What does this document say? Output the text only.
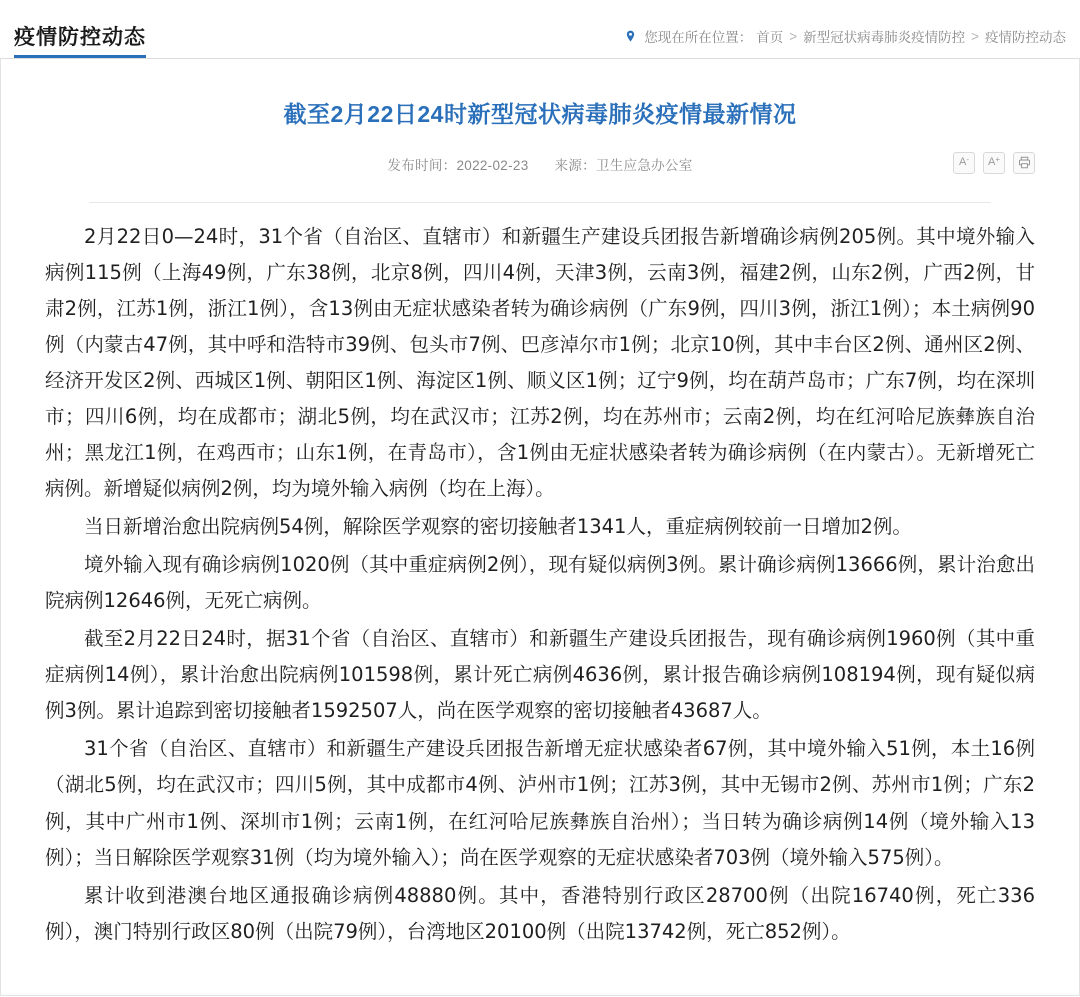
疫情防控动态	您现在所在位置： 首页 > 新型冠状病毒肺炎疫情防控 > 疫情防控动态
截至2月22日24时新型冠状病毒肺炎疫情最新情况
发布时间：2022-02-23 来源：卫生应急办公室	A- A+

2月22日0—24时，31个省（自治区、直辖市）和新疆生产建设兵团报告新增确诊病例205例。其中境外输入病例115例（上海49例，广东38例，北京8例，四川4例，天津3例，云南3例，福建2例，山东2例，广西2例，甘肃2例，江苏1例，浙江1例），含13例由无症状感染者转为确诊病例（广东9例，四川3例，浙江1例）；本土病例90例（内蒙古47例，其中呼和浩特市39例、包头市7例、巴彦淖尔市1例；北京10例，其中丰台区2例、通州区2例、经济开发区2例、西城区1例、朝阳区1例、海淀区1例、顺义区1例；辽宁9例，均在葫芦岛市；广东7例，均在深圳市；四川6例，均在成都市；湖北5例，均在武汉市；江苏2例，均在苏州市；云南2例，均在红河哈尼族彝族自治州；黑龙江1例，在鸡西市；山东1例，在青岛市），含1例由无症状感染者转为确诊病例（在内蒙古）。无新增死亡病例。新增疑似病例2例，均为境外输入病例（均在上海）。

当日新增治愈出院病例54例，解除医学观察的密切接触者1341人，重症病例较前一日增加2例。

境外输入现有确诊病例1020例（其中重症病例2例），现有疑似病例3例。累计确诊病例13666例，累计治愈出院病例12646例，无死亡病例。

截至2月22日24时，据31个省（自治区、直辖市）和新疆生产建设兵团报告，现有确诊病例1960例（其中重症病例14例），累计治愈出院病例101598例，累计死亡病例4636例，累计报告确诊病例108194例，现有疑似病例3例。累计追踪到密切接触者1592507人，尚在医学观察的密切接触者43687人。

31个省（自治区、直辖市）和新疆生产建设兵团报告新增无症状感染者67例，其中境外输入51例，本土16例（湖北5例，均在武汉市；四川5例，其中成都市4例、泸州市1例；江苏3例，其中无锡市2例、苏州市1例；广东2例，其中广州市1例、深圳市1例；云南1例，在红河哈尼族彝族自治州）；当日转为确诊病例14例（境外输入13例）；当日解除医学观察31例（均为境外输入）；尚在医学观察的无症状感染者703例（境外输入575例）。

累计收到港澳台地区通报确诊病例48880例。其中，香港特别行政区28700例（出院16740例，死亡336例），澳门特别行政区80例（出院79例），台湾地区20100例（出院13742例，死亡852例）。
